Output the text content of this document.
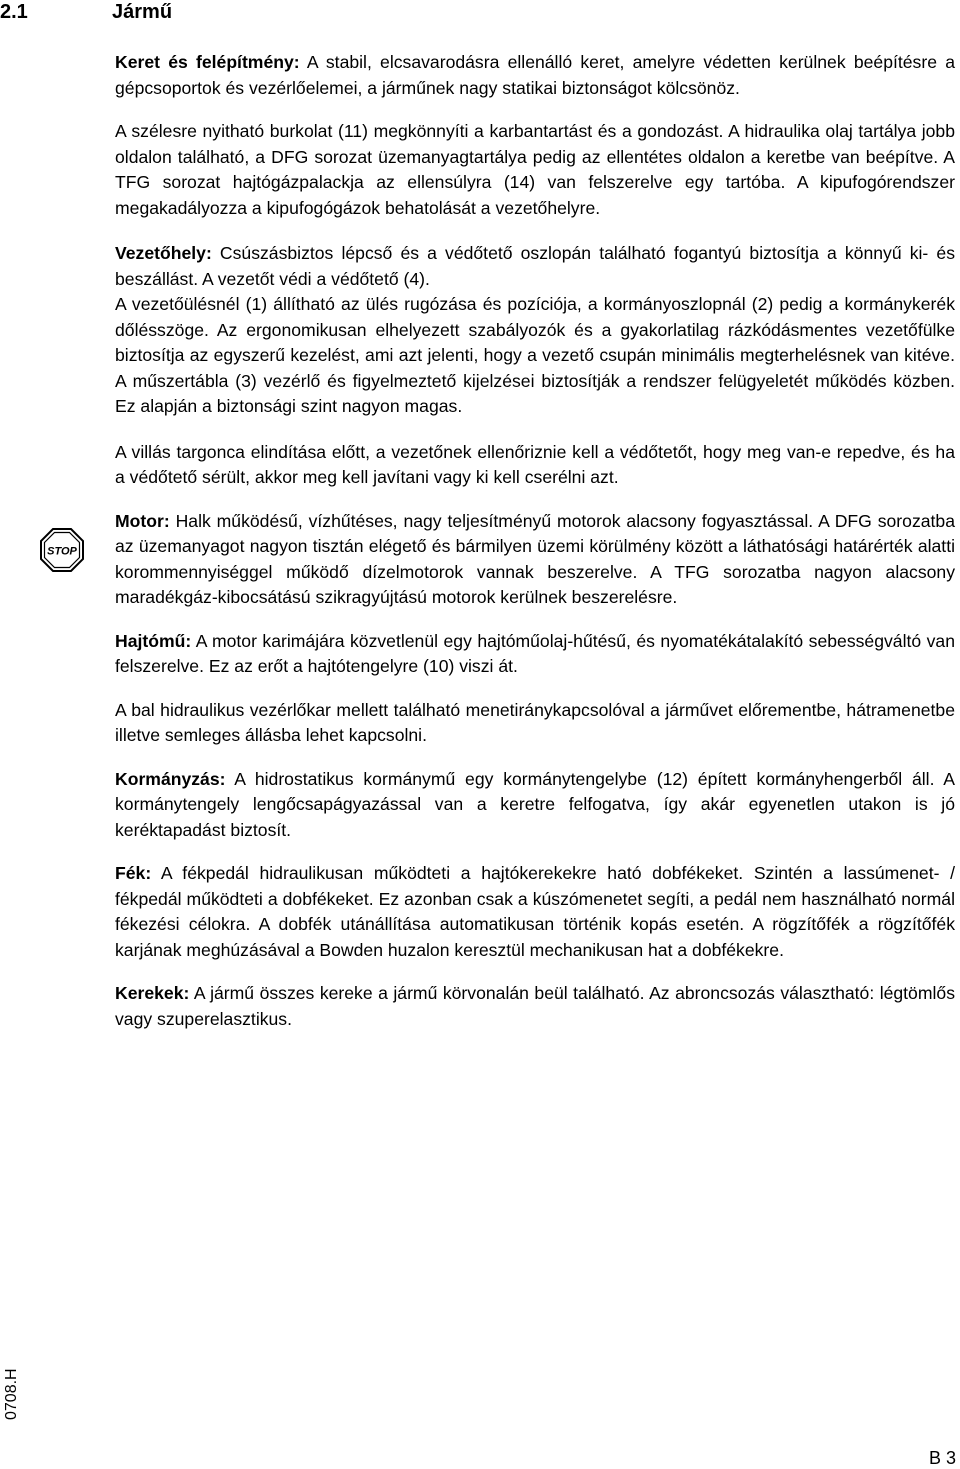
2.1	Jármű
STOP

Keret és felépítmény: A stabil, elcsavarodásra ellenálló keret, amelyre védetten kerülnek beépítésre a gépcsoportok és vezérlőelemei, a járműnek nagy statikai biztonságot kölcsönöz.

A szélesre nyitható burkolat (11) megkönnyíti a karbantartást és a gondozást. A hidraulika olaj tartálya jobb oldalon található, a DFG sorozat üzemanyagtartálya pedig az ellentétes oldalon a keretbe van beépítve. A TFG sorozat hajtógázpalackja az ellensúlyra (14) van felszerelve egy tartóba. A kipufogórendszer megakadályozza a kipufogógázok behatolását a vezetőhelyre.

Vezetőhely: Csúszásbiztos lépcső és a védőtető oszlopán található fogantyú biztosítja a könnyű ki- és beszállást. A vezetőt védi a védőtető (4).

A vezetőülésnél (1) állítható az ülés rugózása és pozíciója, a kormányoszlopnál (2) pedig a kormánykerék dőlésszöge. Az ergonomikusan elhelyezett szabályozók és a gyakorlatilag rázkódásmentes vezetőfülke biztosítja az egyszerű kezelést, ami azt jelenti, hogy a vezető csupán minimális megterhelésnek van kitéve. A műszertábla (3) vezérlő és figyelmeztető kijelzései biztosítják a rendszer felügyeletét működés közben. Ez alapján a biztonsági szint nagyon magas.

A villás targonca elindítása előtt, a vezetőnek ellenőriznie kell a védőtetőt, hogy meg van-e repedve, és ha a védőtető sérült, akkor meg kell javítani vagy ki kell cserélni azt.

Motor: Halk működésű, vízhűtéses, nagy teljesítményű motorok alacsony fogyasztással. A DFG sorozatba az üzemanyagot nagyon tisztán elégető és bármilyen üzemi körülmény között a láthatósági határérték alatti korommennyiséggel működő dízelmotorok vannak beszerelve. A TFG sorozatba nagyon alacsony maradékgáz-kibocsátású szikragyújtású motorok kerülnek beszerelésre.

Hajtómű: A motor karimájára közvetlenül egy hajtóműolaj-hűtésű, és nyomatékátalakító sebességváltó van felszerelve. Ez az erőt a hajtótengelyre (10) viszi át.

A bal hidraulikus vezérlőkar mellett található menetiránykapcsolóval a járművet előrementbe, hátramenetbe illetve semleges állásba lehet kapcsolni.

Kormányzás: A hidrostatikus kormánymű egy kormánytengelybe (12) épített kormányhengerből áll. A kormánytengely lengőcsapágyazással van a keretre felfogatva, így akár egyenetlen utakon is jó keréktapadást biztosít.

Fék: A fékpedál hidraulikusan működteti a hajtókerekekre ható dobfékeket. Szintén a lassúmenet- / fékpedál működteti a dobfékeket. Ez azonban csak a kúszómenetet segíti, a pedál nem használható normál fékezési célokra. A dobfék utánállítása automatikusan történik kopás esetén. A rögzítőfék a rögzítőfék karjának meghúzásával a Bowden huzalon keresztül mechanikusan hat a dobfékekre.

Kerekek: A jármű összes kereke a jármű körvonalán beül található. Az abroncsozás választható: légtömlős vagy szuperelasztikus.

0708.H
B 3
